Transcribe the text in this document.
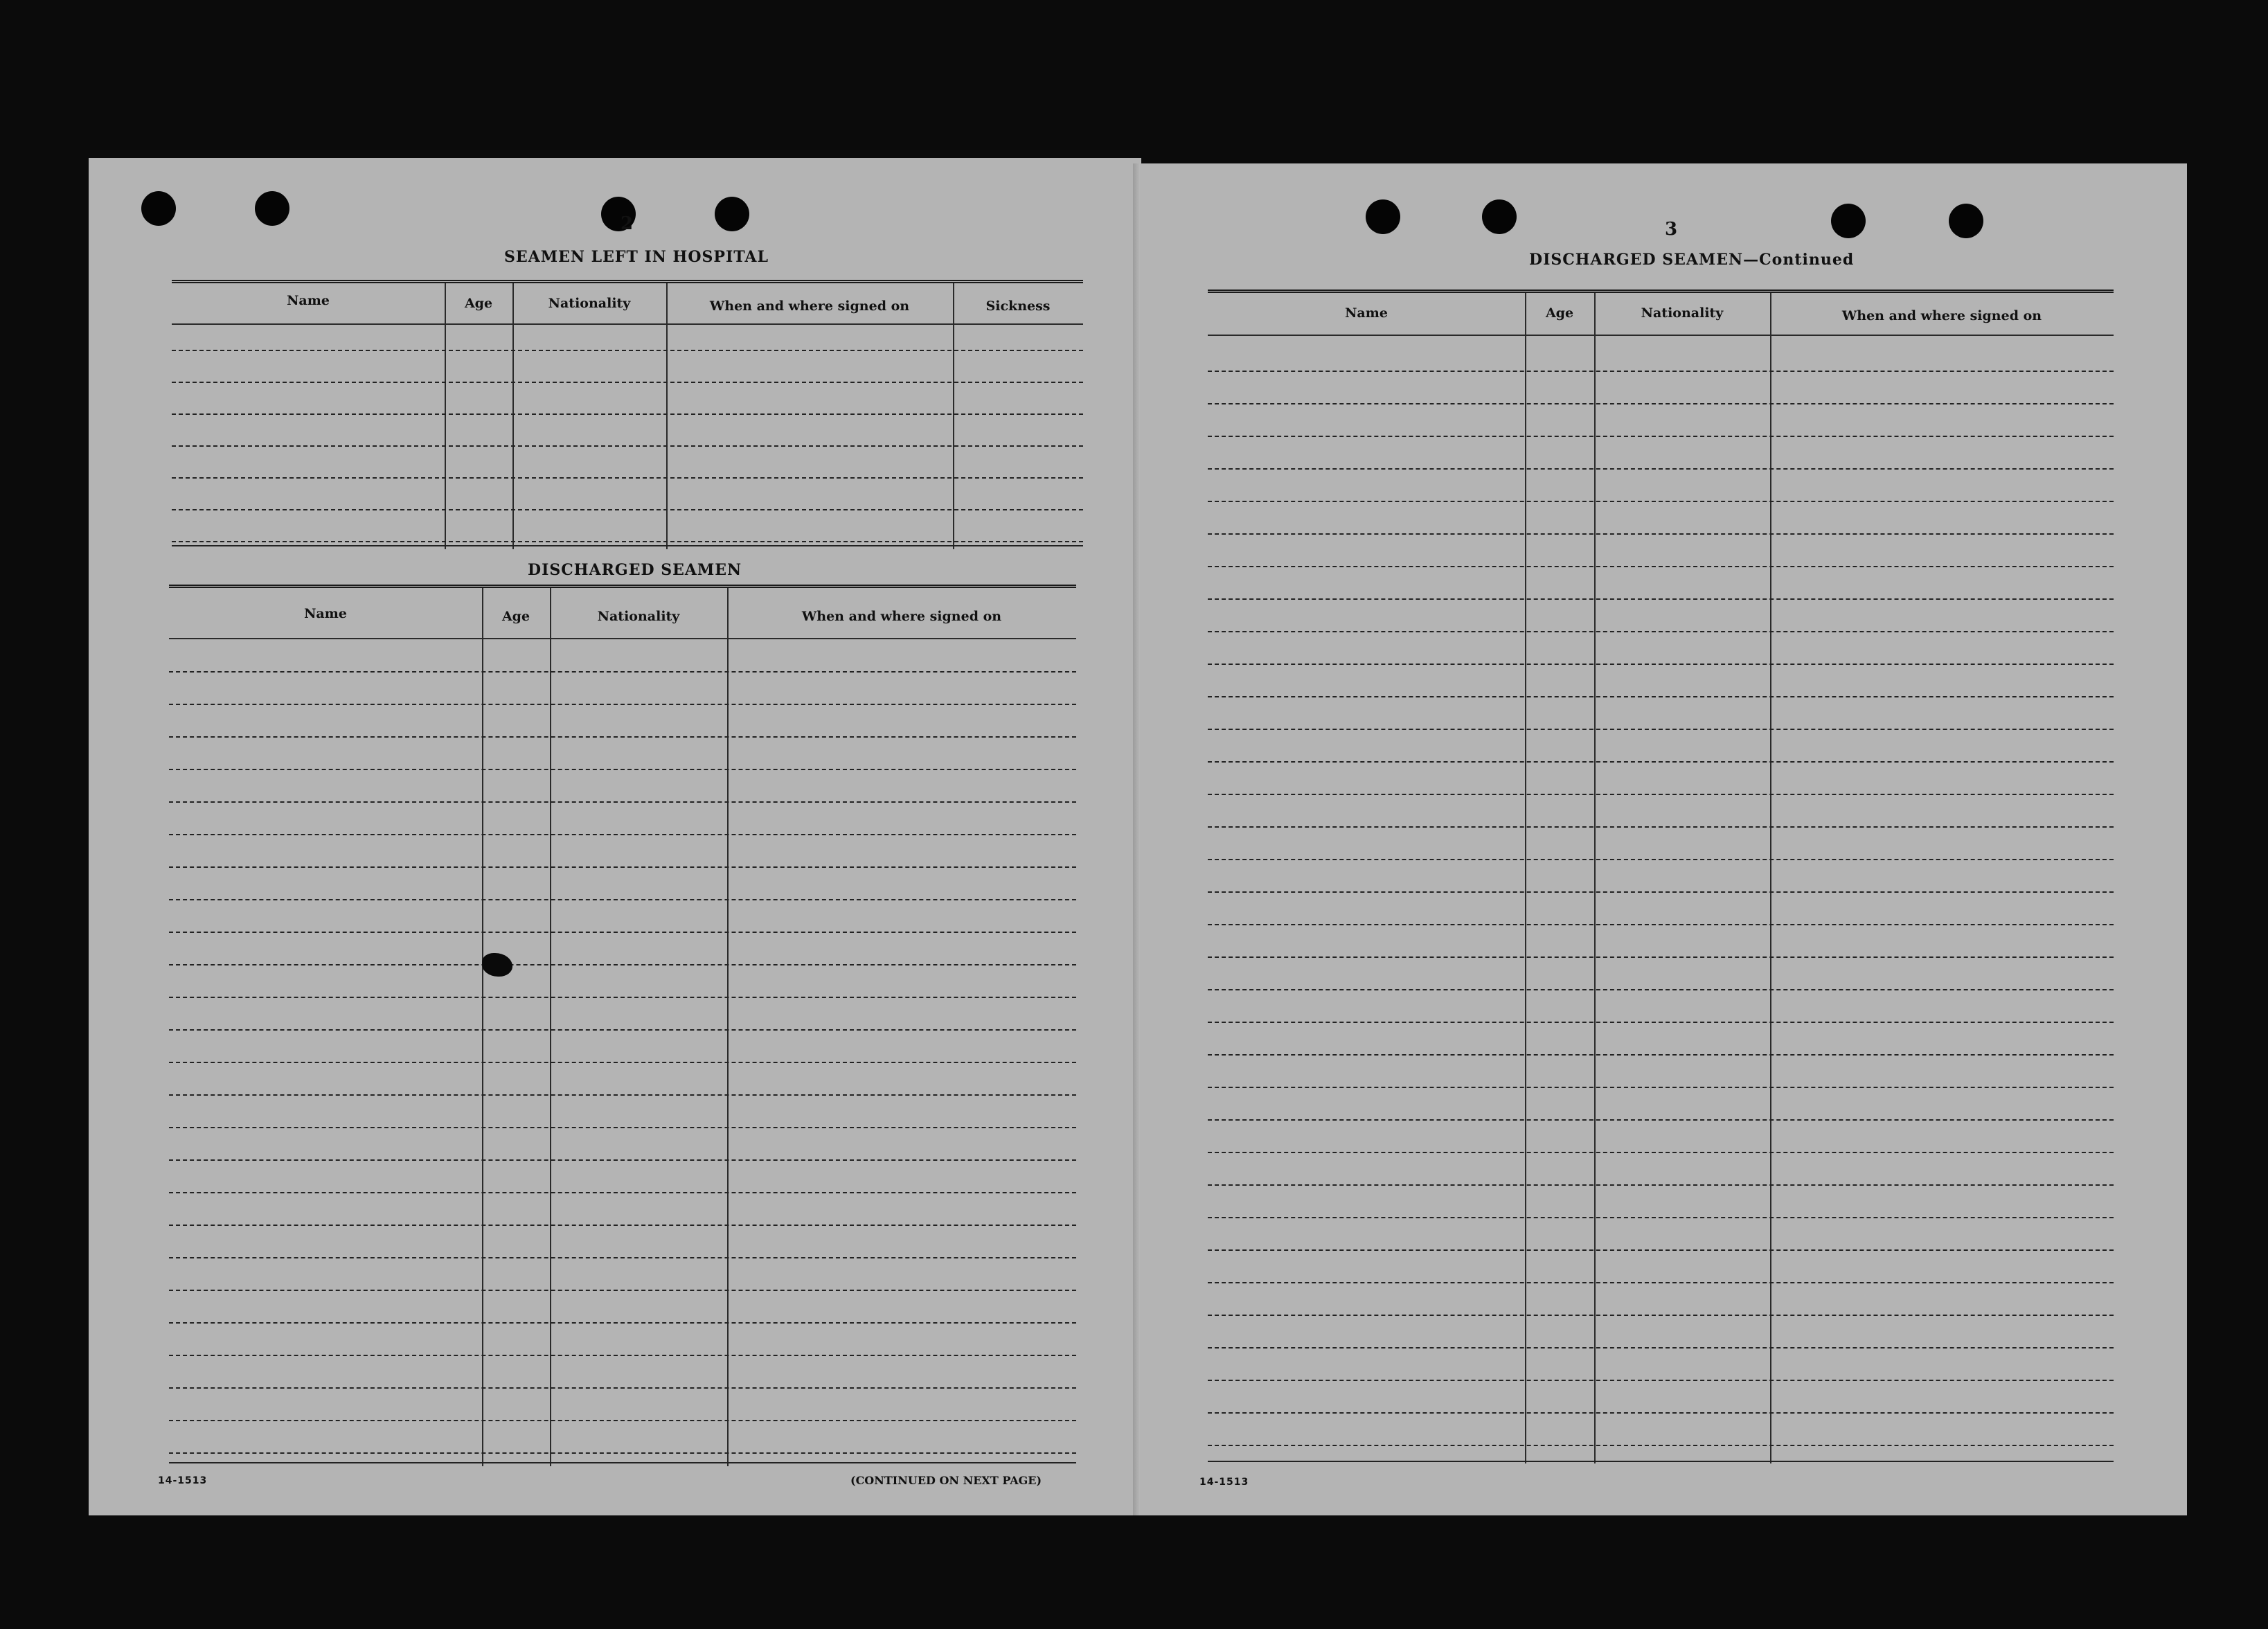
2
SEAMEN LEFT IN HOSPITAL
Name	Age	Nationality	When and where signed on	Sickness
DISCHARGED SEAMEN
Name	Age	Nationality	When and where signed on
14-1513	(CONTINUED ON NEXT PAGE)
3
DISCHARGED SEAMEN—Continued
Name	Age	Nationality	When and where signed on
14-1513
